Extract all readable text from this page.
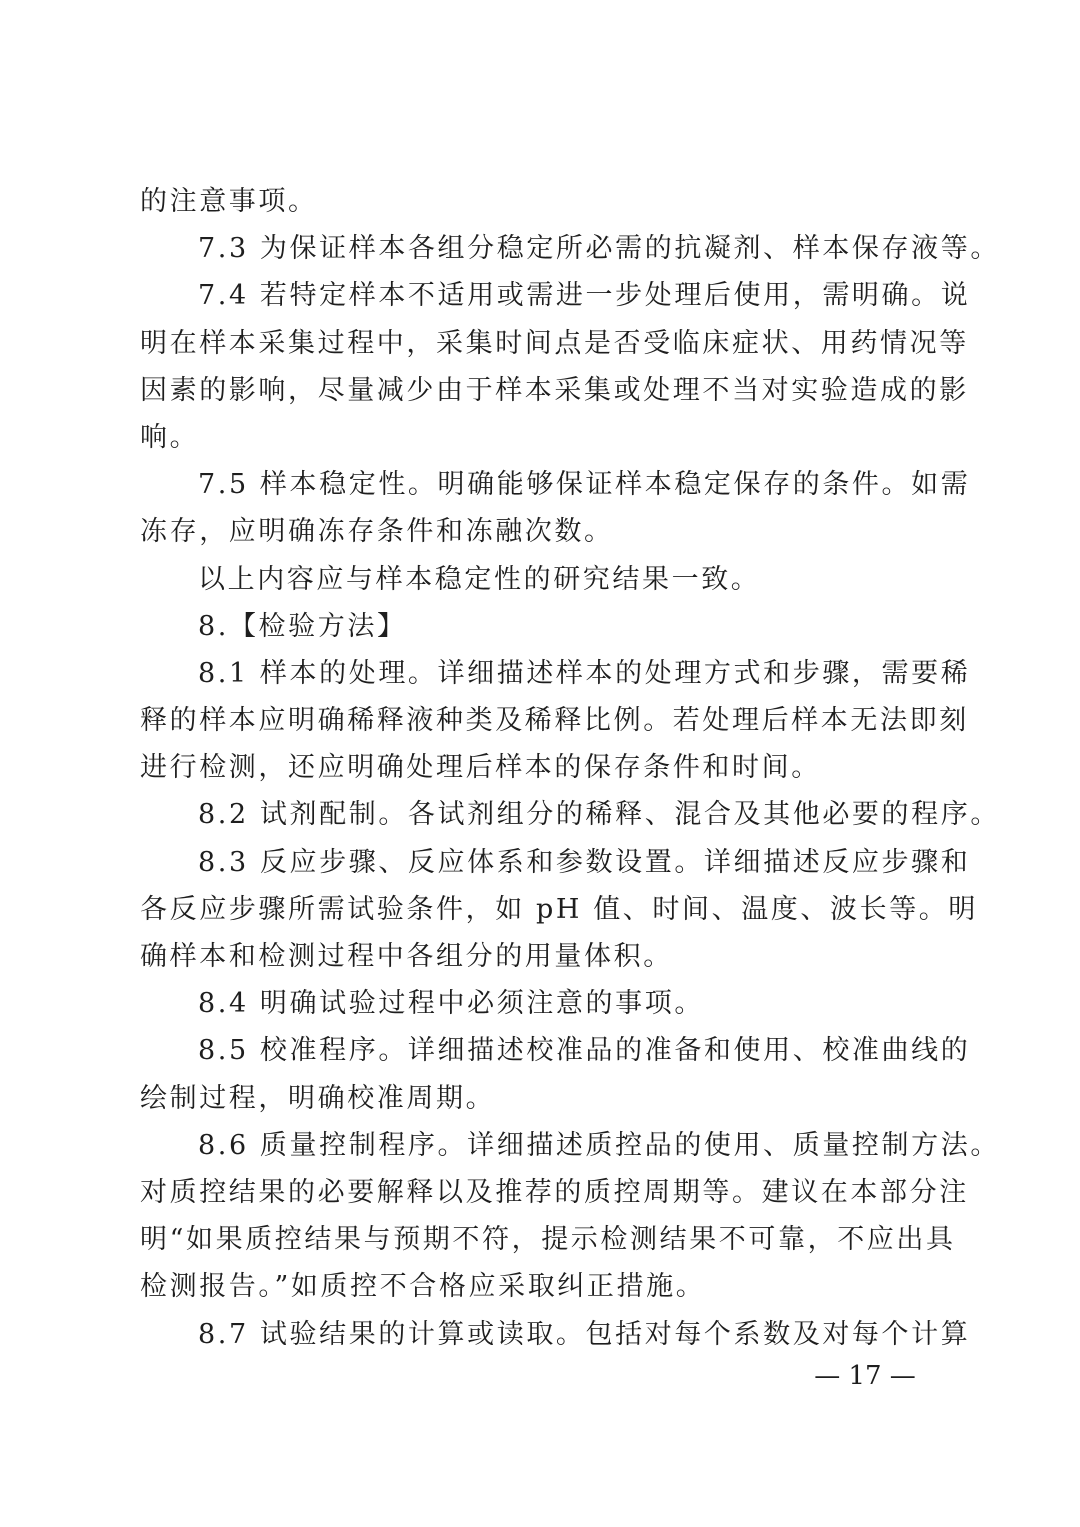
的注意事项。
7.3 为保证样本各组分稳定所必需的抗凝剂、样本保存液等。
7.4 若特定样本不适用或需进一步处理后使用，需明确。说
明在样本采集过程中，采集时间点是否受临床症状、用药情况等
因素的影响，尽量减少由于样本采集或处理不当对实验造成的影
响。
7.5 样本稳定性。明确能够保证样本稳定保存的条件。如需
冻存，应明确冻存条件和冻融次数。
以上内容应与样本稳定性的研究结果一致。
8.【检验方法】
8.1 样本的处理。详细描述样本的处理方式和步骤，需要稀
释的样本应明确稀释液种类及稀释比例。若处理后样本无法即刻
进行检测，还应明确处理后样本的保存条件和时间。
8.2 试剂配制。各试剂组分的稀释、混合及其他必要的程序。
8.3 反应步骤、反应体系和参数设置。详细描述反应步骤和
各反应步骤所需试验条件，如 pH 值、时间、温度、波长等。明
确样本和检测过程中各组分的用量体积。
8.4 明确试验过程中必须注意的事项。
8.5 校准程序。详细描述校准品的准备和使用、校准曲线的
绘制过程，明确校准周期。
8.6 质量控制程序。详细描述质控品的使用、质量控制方法。
对质控结果的必要解释以及推荐的质控周期等。建议在本部分注
明“如果质控结果与预期不符，提示检测结果不可靠，不应出具
检测报告。”如质控不合格应采取纠正措施。
8.7 试验结果的计算或读取。包括对每个系数及对每个计算
— 17 —
